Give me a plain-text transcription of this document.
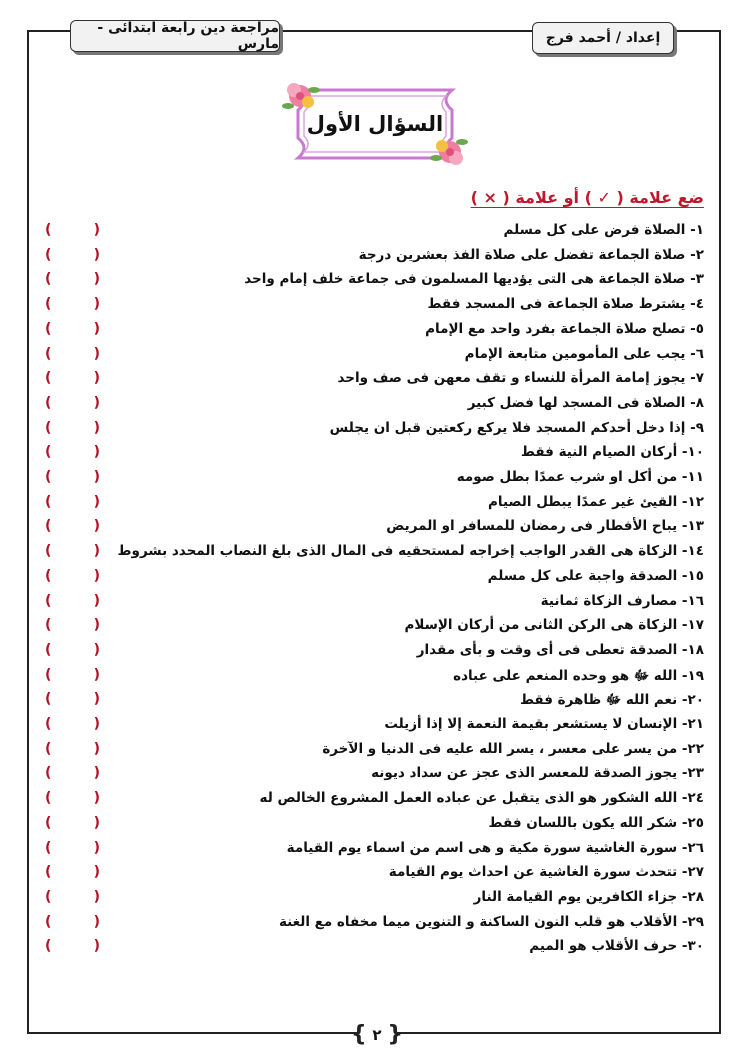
مراجعة دين رابعة ابتدائى - مارس	إعداد / أحمد فرج
السؤال الأول
ضع علامة ( ✓ ) أو علامة ( × )
١- الصلاة فرض على كل مسلم
(	)
٢- صلاة الجماعة تفضل على صلاة الفذ بعشرين درجة
(	)
٣- صلاة الجماعة هى التى يؤديها المسلمون فى جماعة خلف إمام واحد
(	)
٤- يشترط صلاة الجماعة فى المسجد فقط
(	)
٥- تصلح صلاة الجماعة بفرد واحد مع الإمام
(	)
٦- يجب على المأمومين متابعة الإمام
(	)
٧- يجوز إمامة المرأة للنساء و تقف معهن فى صف واحد
(	)
٨- الصلاة فى المسجد لها فضل كبير
(	)
٩- إذا دخل أحدكم المسجد فلا يركع ركعتين قبل ان يجلس
(	)
١٠- أركان الصيام النية فقط
(	)
١١- من أكل او شرب عمدًا بطل صومه
(	)
١٢- القيئ غير عمدًا يبطل الصيام
(	)
١٣- يباح الأفطار فى رمضان للمسافر او المريض
(	)
١٤- الزكاة هى القدر الواجب إخراجه لمستحقيه فى المال الذى بلغ النصاب المحدد بشروط
(	)
١٥- الصدقة واجبة على كل مسلم
(	)
١٦- مصارف الزكاة ثمانية
(	)
١٧- الزكاة هى الركن الثانى من أركان الإسلام
(	)
١٨- الصدقة تعطى فى أى وقت و بأى مقدار
(	)
١٩- الله ﷻ هو وحده المنعم على عباده
(	)
٢٠- نعم الله ﷻ ظاهرة فقط
(	)
٢١- الإنسان لا يستشعر بقيمة النعمة إلا إذا أزيلت
(	)
٢٢- من يسر على معسر ، يسر الله عليه فى الدنيا و الآخرة
(	)
٢٣- يجوز الصدقة للمعسر الذى عجز عن سداد ديونه
(	)
٢٤- الله الشكور هو الذى يتقبل عن عباده العمل المشروع الخالص له
(	)
٢٥- شكر الله يكون باللسان فقط
(	)
٢٦- سورة الغاشية سورة مكية و هى اسم من اسماء يوم القيامة
(	)
٢٧- تتحدث سورة الغاشية عن احداث يوم القيامة
(	)
٢٨- جزاء الكافرين يوم القيامة النار
(	)
٢٩- الأقلاب هو قلب النون الساكنة و التنوين ميما مخفاه مع الغنة
(	)
٣٠- حرف الأقلاب هو الميم
(	)
{ ٢ }
